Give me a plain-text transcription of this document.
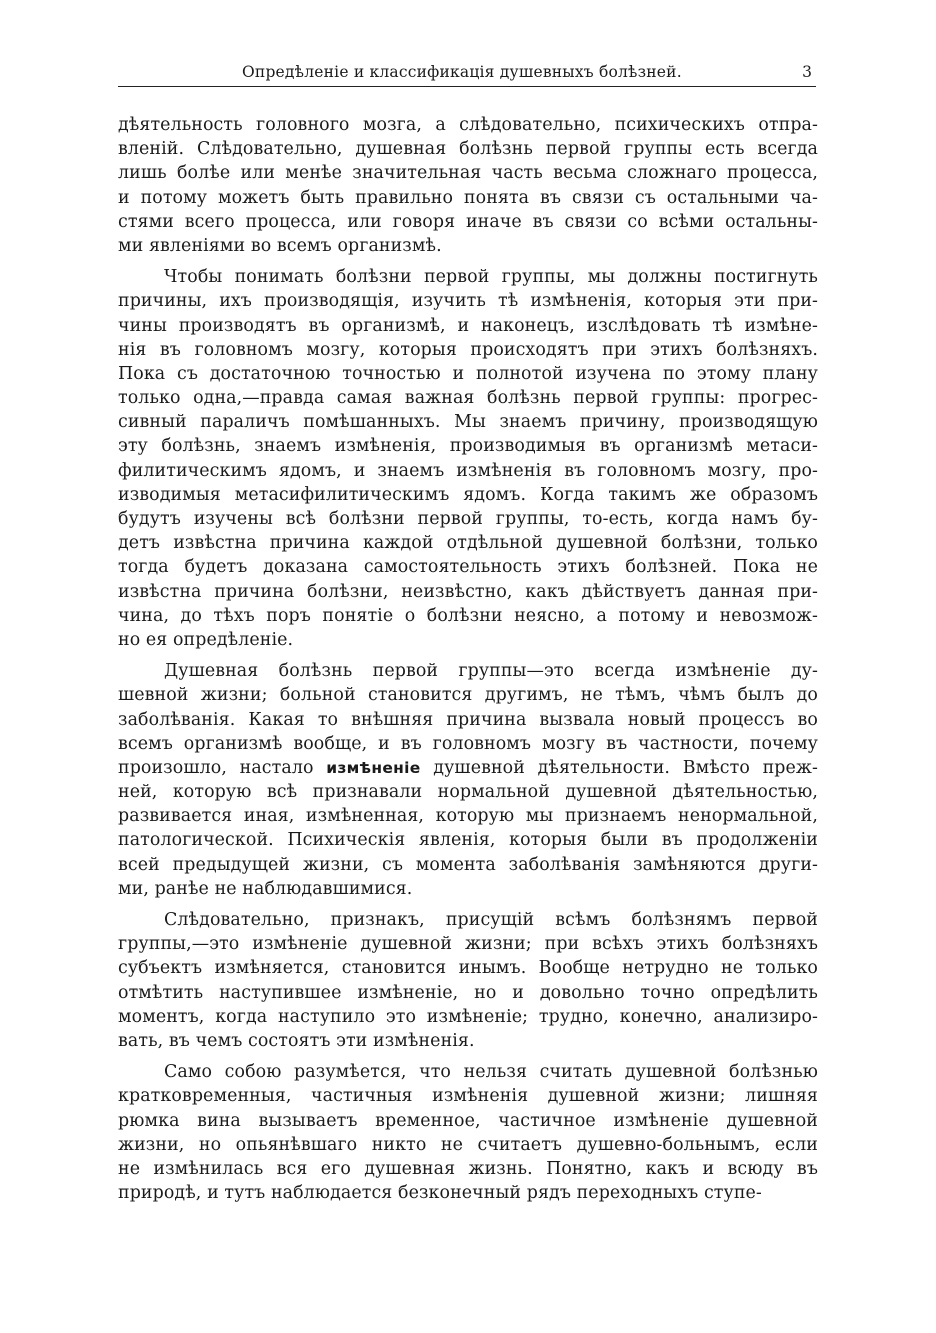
Опредѣленіе и классификація душевныхъ болѣзней.	3
дѣятельность головного мозга, а слѣдовательно, психическихъ отпра-
вленій. Слѣдовательно, душевная болѣзнь первой группы есть всегда
лишь болѣе или менѣе значительная часть весьма сложнаго процесса,
и потому можетъ быть правильно понята въ связи съ остальными ча-
стями всего процесса, или говоря иначе въ связи со всѣми остальны-
ми явленіями во всемъ организмѣ.
Чтобы понимать болѣзни первой группы, мы должны постигнуть
причины, ихъ производящія, изучить тѣ измѣненія, которыя эти при-
чины производятъ въ организмѣ, и наконецъ, изслѣдовать тѣ измѣне-
нія въ головномъ мозгу, которыя происходятъ при этихъ болѣзняхъ.
Пока съ достаточною точностью и полнотой изучена по этому плану
только одна,—правда самая важная болѣзнь первой группы: прогрес-
сивный параличъ помѣшанныхъ. Мы знаемъ причину, производящую
эту болѣзнь, знаемъ измѣненія, производимыя въ организмѣ метаси-
филитическимъ ядомъ, и знаемъ измѣненія въ головномъ мозгу, про-
изводимыя метасифилитическимъ ядомъ. Когда такимъ же образомъ
будутъ изучены всѣ болѣзни первой группы, то-есть, когда намъ бу-
детъ извѣстна причина каждой отдѣльной душевной болѣзни, только
тогда будетъ доказана самостоятельность этихъ болѣзней. Пока не
извѣстна причина болѣзни, неизвѣстно, какъ дѣйствуетъ данная при-
чина, до тѣхъ поръ понятіе о болѣзни неясно, а потому и невозмож-
но ея опредѣленіе.
Душевная болѣзнь первой группы—это всегда измѣненіе ду-
шевной жизни; больной становится другимъ, не тѣмъ, чѣмъ былъ до
заболѣванія. Какая то внѣшняя причина вызвала новый процессъ во
всемъ организмѣ вообще, и въ головномъ мозгу въ частности, почему
произошло, настало измѣненіе душевной дѣятельности. Вмѣсто преж-
ней, которую всѣ признавали нормальной душевной дѣятельностью,
развивается иная, измѣненная, которую мы признаемъ ненормальной,
патологической. Психическія явленія, которыя были въ продолженіи
всей предыдущей жизни, съ момента заболѣванія замѣняются други-
ми, ранѣе не наблюдавшимися.
Слѣдовательно, признакъ, присущій всѣмъ болѣзнямъ первой
группы,—это измѣненіе душевной жизни; при всѣхъ этихъ болѣзняхъ
субъектъ измѣняется, становится инымъ. Вообще нетрудно не только
отмѣтить наступившее измѣненіе, но и довольно точно опредѣлить
моментъ, когда наступило это измѣненіе; трудно, конечно, анализиро-
вать, въ чемъ состоятъ эти измѣненія.
Само собою разумѣется, что нельзя считать душевной болѣзнью
кратковременныя, частичныя измѣненія душевной жизни; лишняя
рюмка вина вызываетъ временное, частичное измѣненіе душевной
жизни, но опьянѣвшаго никто не считаетъ душевно-больнымъ, если
не измѣнилась вся его душевная жизнь. Понятно, какъ и всюду въ
природѣ, и тутъ наблюдается безконечный рядъ переходныхъ ступе-
